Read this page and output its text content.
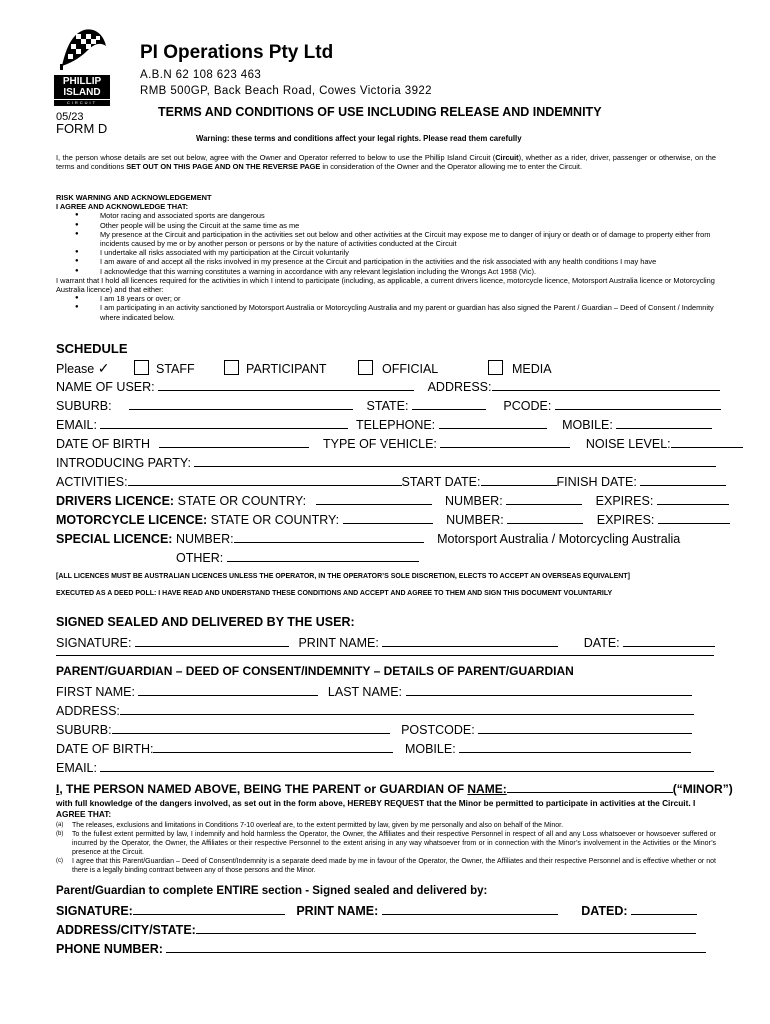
PHILLIP
ISLAND
CIRCUIT
PI Operations Pty Ltd
A.B.N 62 108 623 463
RMB 500GP, Back Beach Road, Cowes Victoria 3922
05/23
FORM D
TERMS AND CONDITIONS OF USE INCLUDING RELEASE AND INDEMNITY
Warning: these terms and conditions affect your legal rights. Please read them carefully
I, the person whose details are set out below, agree with the Owner and Operator referred to below to use the Phillip Island Circuit (Circuit), whether as a rider, driver, passenger or otherwise, on the terms and conditions SET OUT ON THIS PAGE AND ON THE REVERSE PAGE in consideration of the Owner and the Operator allowing me to enter the Circuit.
RISK WARNING AND ACKNOWLEDGEMENT
I AGREE AND ACKNOWLEDGE THAT:
● Motor racing and associated sports are dangerous
● Other people will be using the Circuit at the same time as me
● My presence at the Circuit and participation in the activities set out below and other activities at the Circuit may expose me to danger of injury or death or of damage to property either from incidents caused by me or by another person or persons or by the nature of activities conducted at the Circuit
● I undertake all risks associated with my participation at the Circuit voluntarily
● I am aware of and accept all the risks involved in my presence at the Circuit and participation in the activities and the risk associated with any health conditions I may have
● I acknowledge that this warning constitutes a warning in accordance with any relevant legislation including the Wrongs Act 1958 (Vic).
I warrant that I hold all licences required for the activities in which I intend to participate (including, as applicable, a current drivers licence, motorcycle licence, Motorsport Australia licence or Motorcycling Australia licence) and that either:
● I am 18 years or over; or
● I am participating in an activity sanctioned by Motorsport Australia or Motorcycling Australia and my parent or guardian has also signed the Parent / Guardian – Deed of Consent / Indemnity where indicated below.
SCHEDULE
Please ✓	STAFF	PARTICIPANT	OFFICIAL	MEDIA
NAME OF USER:	ADDRESS:
SUBURB:	STATE:	PCODE:
EMAIL:	TELEPHONE:	MOBILE:
DATE OF BIRTH	TYPE OF VEHICLE:	NOISE LEVEL:
INTRODUCING PARTY:
ACTIVITIES:	START DATE:	FINISH DATE:
DRIVERS LICENCE: STATE OR COUNTRY:	NUMBER:	EXPIRES:
MOTORCYCLE LICENCE: STATE OR COUNTRY:	NUMBER:	EXPIRES:
SPECIAL LICENCE: NUMBER:	Motorsport Australia / Motorcycling Australia
OTHER:
[ALL LICENCES MUST BE AUSTRALIAN LICENCES UNLESS THE OPERATOR, IN THE OPERATOR’S SOLE DISCRETION, ELECTS TO ACCEPT AN OVERSEAS EQUIVALENT]
EXECUTED AS A DEED POLL: I HAVE READ AND UNDERSTAND THESE CONDITIONS AND ACCEPT AND AGREE TO THEM AND SIGN THIS DOCUMENT VOLUNTARILY
SIGNED SEALED AND DELIVERED BY THE USER:
SIGNATURE:	PRINT NAME:	DATE:
PARENT/GUARDIAN – DEED OF CONSENT/INDEMNITY – DETAILS OF PARENT/GUARDIAN
FIRST NAME:	LAST NAME:
ADDRESS:
SUBURB:	POSTCODE:
DATE OF BIRTH:	MOBILE:
EMAIL:
I, THE PERSON NAMED ABOVE, BEING THE PARENT or GUARDIAN OF NAME:	(“MINOR”)
with full knowledge of the dangers involved, as set out in the form above, HEREBY REQUEST that the Minor be permitted to participate in activities at the Circuit. I AGREE THAT:
(a)	The releases, exclusions and limitations in Conditions 7-10 overleaf are, to the extent permitted by law, given by me personally and also on behalf of the Minor.
(b)	To the fullest extent permitted by law, I indemnify and hold harmless the Operator, the Owner, the Affiliates and their respective Personnel in respect of all and any Loss whatsoever or howsoever suffered or incurred by the Operator, the Owner, the Affiliates or their respective Personnel to the extent arising in any way whatsoever from or in connection with the Minor’s involvement in the Activities or the Minor’s presence at the Circuit.
(c)	I agree that this Parent/Guardian – Deed of Consent/Indemnity is a separate deed made by me in favour of the Operator, the Owner, the Affiliates and their respective Personnel and is effective whether or not there is a legally binding contract between any of those persons and the Minor.
Parent/Guardian to complete ENTIRE section - Signed sealed and delivered by:
SIGNATURE:	PRINT NAME:	DATED:
ADDRESS/CITY/STATE:
PHONE NUMBER:
